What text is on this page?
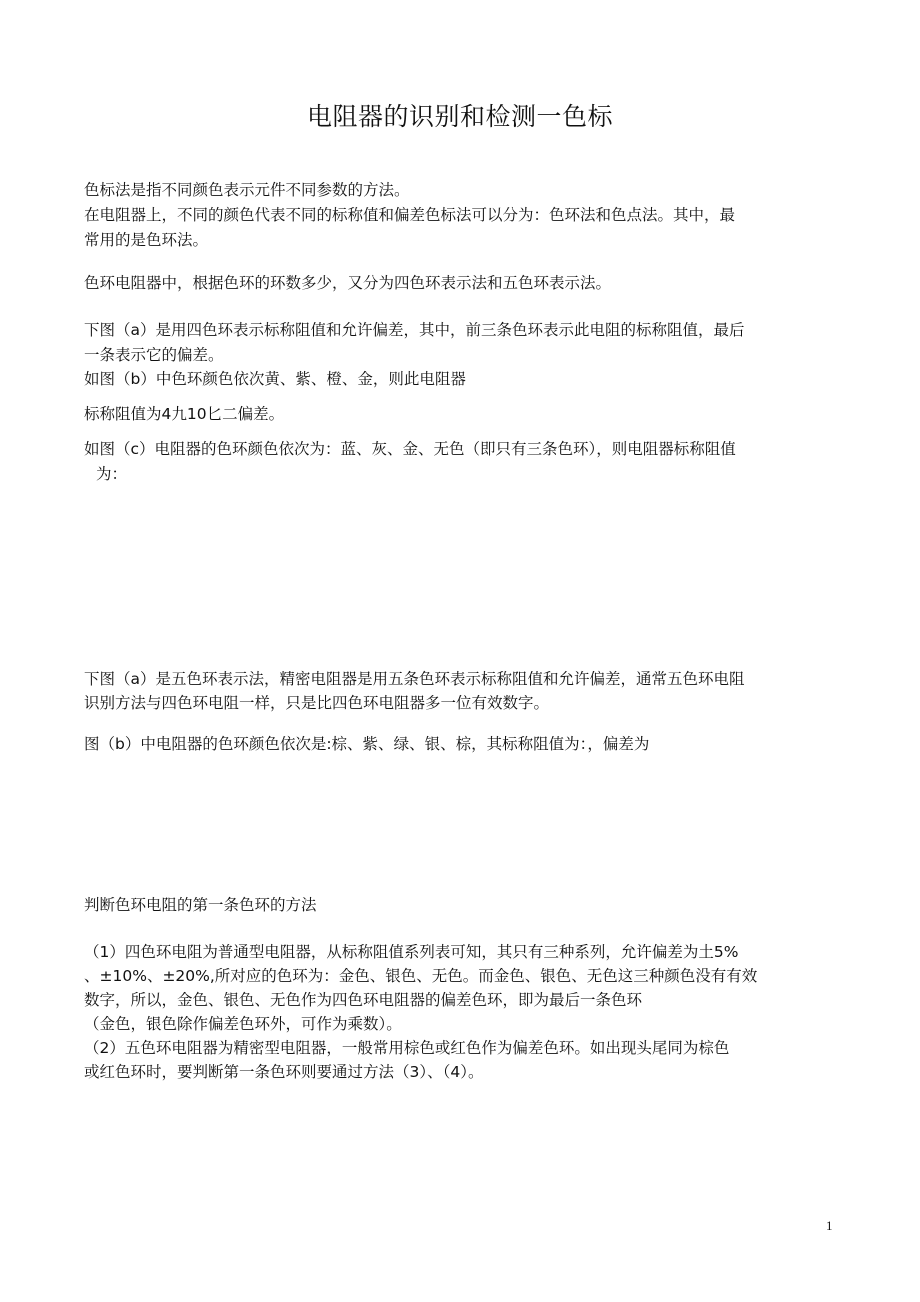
电阻器的识别和检测一色标
色标法是指不同颜色表示元件不同参数的方法。
在电阻器上，不同的颜色代表不同的标称值和偏差色标法可以分为：色环法和色点法。其中，最
常用的是色环法。
色环电阻器中，根据色环的环数多少，又分为四色环表示法和五色环表示法。
下图（a）是用四色环表示标称阻值和允许偏差，其中，前三条色环表示此电阻的标称阻值，最后
一条表示它的偏差。
如图（b）中色环颜色依次黄、紫、橙、金，则此电阻器
标称阻值为4九10匕二偏差。
如图（c）电阻器的色环颜色依次为：蓝、灰、金、无色（即只有三条色环），则电阻器标称阻值
为：
下图（a）是五色环表示法，精密电阻器是用五条色环表示标称阻值和允许偏差，通常五色环电阻
识别方法与四色环电阻一样，只是比四色环电阻器多一位有效数字。
图（b）中电阻器的色环颜色依次是:棕、紫、绿、银、棕，其标称阻值为：，偏差为
判断色环电阻的第一条色环的方法
（1）四色环电阻为普通型电阻器，从标称阻值系列表可知，其只有三种系列，允许偏差为土5%
、±10%、±20%,所对应的色环为：金色、银色、无色。而金色、银色、无色这三种颜色没有有效
数字，所以，金色、银色、无色作为四色环电阻器的偏差色环，即为最后一条色环
（金色，银色除作偏差色环外，可作为乘数）。
（2）五色环电阻器为精密型电阻器，一般常用棕色或红色作为偏差色环。如出现头尾同为棕色
或红色环时，要判断第一条色环则要通过方法（3）、（4）。
1
